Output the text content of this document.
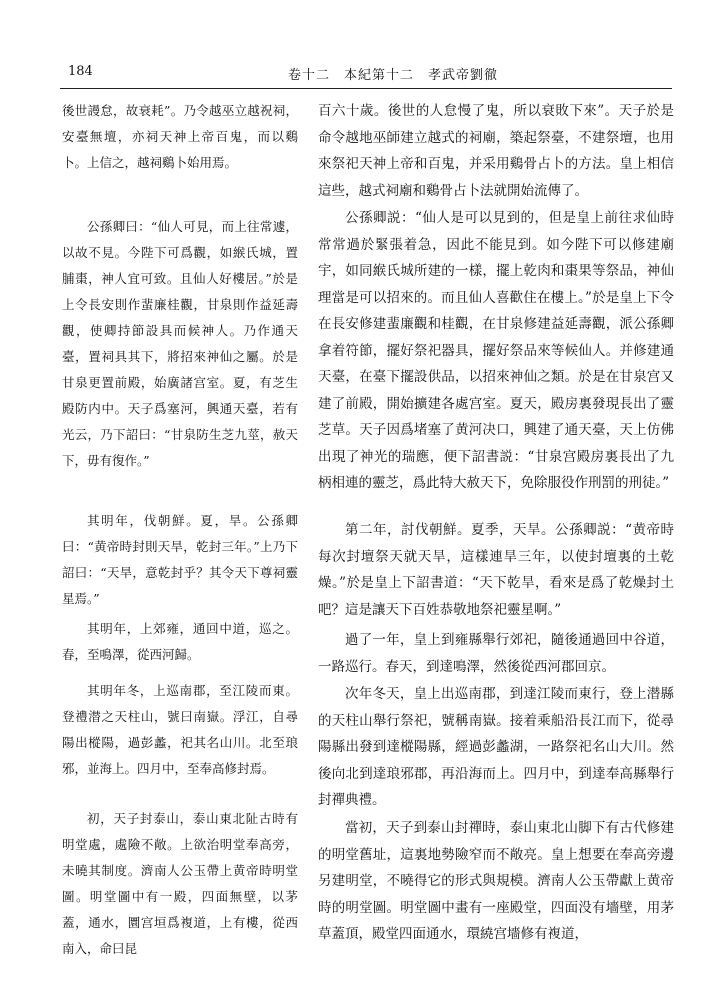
184	卷十二　本紀第十二　孝武帝劉徹

後世謾怠，故衰耗”。乃令越巫立越祝祠，安臺無壇，亦祠天神上帝百鬼，而以鷄卜。上信之，越祠鷄卜始用焉。

公孫卿曰：“仙人可見，而上往常遽，以故不見。今陛下可爲觀，如緱氏城，置脯棗，神人宜可致。且仙人好樓居。”於是上令長安則作蜚廉桂觀，甘泉則作益延壽觀，使卿持節設具而候神人。乃作通天臺，置祠具其下，將招來神仙之屬。於是甘泉更置前殿，始廣諸宫室。夏，有芝生殿防内中。天子爲塞河，興通天臺，若有光云，乃下詔曰：“甘泉防生芝九莖，赦天下，毋有復作。”

其明年，伐朝鮮。夏，旱。公孫卿曰：“黄帝時封則天旱，乾封三年。”上乃下詔曰：“天旱，意乾封乎？其令天下尊祠靈星焉。”

其明年，上郊雍，通回中道，巡之。春，至鳴澤，從西河歸。

其明年冬，上巡南郡，至江陵而東。登禮潜之天柱山，號曰南嶽。浮江，自尋陽出樅陽，過彭蠡，祀其名山川。北至琅邪，並海上。四月中，至奉高修封焉。

初，天子封泰山，泰山東北阯古時有明堂處，處險不敞。上欲治明堂奉高旁，未曉其制度。濟南人公玉帶上黄帝時明堂圖。明堂圖中有一殿，四面無壁，以茅蓋，通水，圜宫垣爲複道，上有樓，從西南入，命曰昆

百六十歲。後世的人怠慢了鬼，所以衰敗下來”。天子於是命令越地巫師建立越式的祠廟，築起祭臺，不建祭壇，也用來祭祀天神上帝和百鬼，并采用鷄骨占卜的方法。皇上相信這些，越式祠廟和鷄骨占卜法就開始流傳了。

公孫卿説：“仙人是可以見到的，但是皇上前往求仙時常常過於緊張着急，因此不能見到。如今陛下可以修建廟宇，如同緱氏城所建的一樣，擺上乾肉和棗果等祭品，神仙理當是可以招來的。而且仙人喜歡住在樓上。”於是皇上下令在長安修建蜚廉觀和桂觀，在甘泉修建益延壽觀，派公孫卿拿着符節，擺好祭祀器具，擺好祭品來等候仙人。并修建通天臺，在臺下擺設供品，以招來神仙之類。於是在甘泉宫又建了前殿，開始擴建各處宫室。夏天，殿房裏發現長出了靈芝草。天子因爲堵塞了黄河决口，興建了通天臺，天上仿佛出現了神光的瑞應，便下詔書説：“甘泉宫殿房裏長出了九柄相連的靈芝，爲此特大赦天下，免除服役作刑罰的刑徒。”

第二年，討伐朝鮮。夏季，天旱。公孫卿説：“黄帝時每次封壇祭天就天旱，這樣連旱三年，以使封壇裏的土乾燥。”於是皇上下詔書道：“天下乾旱，看來是爲了乾燥封土吧？這是讓天下百姓恭敬地祭祀靈星啊。”

過了一年，皇上到雍縣舉行郊祀，隨後通過回中谷道，一路巡行。春天，到達鳴澤，然後從西河郡回京。

次年冬天，皇上出巡南郡，到達江陵而東行，登上潜縣的天柱山舉行祭祀，號稱南嶽。接着乘船沿長江而下，從尋陽縣出發到達樅陽縣，經過彭蠡湖，一路祭祀名山大川。然後向北到達琅邪郡，再沿海而上。四月中，到達奉高縣舉行封禪典禮。

當初，天子到泰山封禪時，泰山東北山脚下有古代修建的明堂舊址，這裏地勢險窄而不敞亮。皇上想要在奉高旁邊另建明堂，不曉得它的形式與規模。濟南人公玉帶獻上黄帝時的明堂圖。明堂圖中畫有一座殿堂，四面没有墻壁，用茅草蓋頂，殿堂四面通水，環繞宫墻修有複道，
